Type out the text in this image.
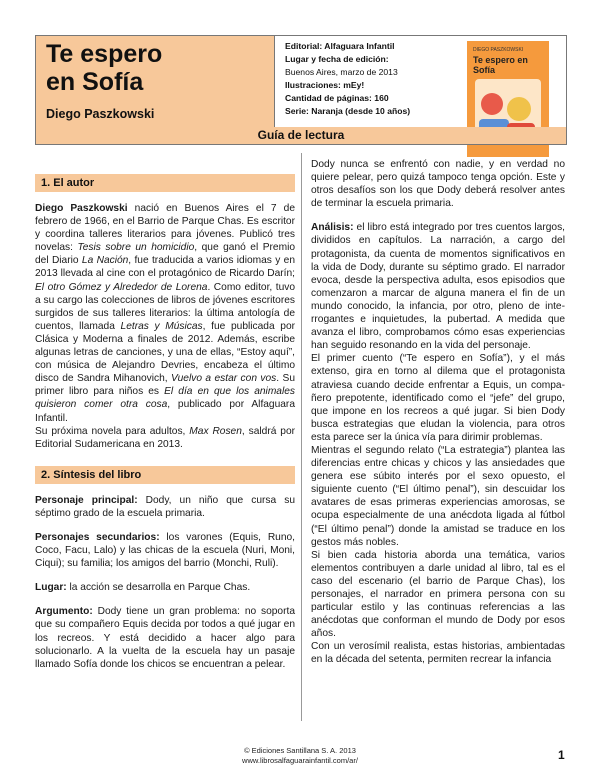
Te espero
en Sofía
Diego Paszkowski
Editorial: Alfaguara Infantil
Lugar y fecha de edición:
Buenos Aires, marzo de 2013
Ilustraciones: mEy!
Cantidad de páginas: 160
Serie: Naranja (desde 10 años)
DIEGO PASZKOWSKI
Te espero en Sofía
Guía de lectura
1. El autor

Diego Paszkowski nació en Buenos Aires el 7 de febrero de 1966, en el Barrio de Parque Chas. Es escritor y coordina talleres literarios para jóvenes. Publicó tres novelas: Tesis sobre un homicidio, que ganó el Premio del Diario La Nación, fue traducida a varios idiomas y en 2013 llevada al cine con el protagónico de Ricardo Darín; El otro Gómez y Alrededor de Lorena. Como editor, tuvo a su cargo las colecciones de libros de jóvenes escritores surgidos de sus talleres literarios: la última antología de cuentos, llamada Letras y Músicas, fue publicada por Clásica y Moderna a finales de 2012. Además, escribe algunas letras de canciones, y una de ellas, “Estoy aquí”, con música de Alejandro Devries, encabeza el último disco de Sandra Mihanovich, Vuelvo a estar con vos. Su primer libro para niños es El día en que los animales quisieron comer otra cosa, publicado por Alfaguara Infantil.

Su próxima novela para adultos, Max Rosen, saldrá por Editorial Sudamericana en 2013.

2. Síntesis del libro

Personaje principal: Dody, un niño que cursa su séptimo grado de la escuela primaria.

Personajes secundarios: los varones (Equis, Runo, Coco, Facu, Lalo) y las chicas de la escuela (Nuri, Moni, Ciqui); su familia; los amigos del barrio (Monchi, Ruli).

Lugar: la acción se desarrolla en Parque Chas.

Argumento: Dody tiene un gran problema: no soporta que su compañero Equis decida por todos a qué jugar en los recreos. Y está decidido a hacer algo para solucionarlo. A la vuelta de la escuela hay un pasaje llamado Sofía donde los chicos se encuentran a pelear.

Dody nunca se enfrentó con nadie, y en verdad no quiere pelear, pero quizá tampoco tenga opción. Este y otros desafíos son los que Dody deberá resolver antes de terminar la escuela primaria.

Análisis: el libro está integrado por tres cuentos largos, divididos en capítulos. La narración, a cargo del protagonista, da cuenta de momentos significativos en la vida de Dody, durante su séptimo grado. El narrador evoca, desde la perspectiva adulta, esos episodios que comenzaron a marcar de alguna manera el fin de un mundo conocido, la infancia, por otro, pleno de inte- rrogantes e inquietudes, la pubertad. A medida que avanza el libro, comprobamos cómo esas experiencias han seguido resonando en la vida del personaje.

El primer cuento (“Te espero en Sofía”), y el más extenso, gira en torno al dilema que el protagonista atraviesa cuando decide enfrentar a Equis, un compa- ñero prepotente, identificado como el “jefe” del grupo, que impone en los recreos a qué jugar. Si bien Dody busca estrategias que eludan la violencia, para otros esta parece ser la única vía para dirimir problemas.

Mientras el segundo relato (“La estrategia”) plantea las diferencias entre chicas y chicos y las ansiedades que genera ese súbito interés por el sexo opuesto, el siguiente cuento (“El último penal”), sin descuidar los avatares de esas primeras experiencias amorosas, se ocupa especialmente de una anécdota ligada al fútbol (“El último penal”) donde la amistad se traduce en los gestos más nobles.

Si bien cada historia aborda una temática, varios elementos contribuyen a darle unidad al libro, tal es el caso del escenario (el barrio de Parque Chas), los personajes, el narrador en primera persona con su particular estilo y las continuas referencias a las anécdotas que conforman el mundo de Dody por esos años.

Con un verosímil realista, estas historias, ambientadas en la década del setenta, permiten recrear la infancia

© Ediciones Santillana S. A. 2013
www.librosalfaguarainfantil.com/ar/	1
